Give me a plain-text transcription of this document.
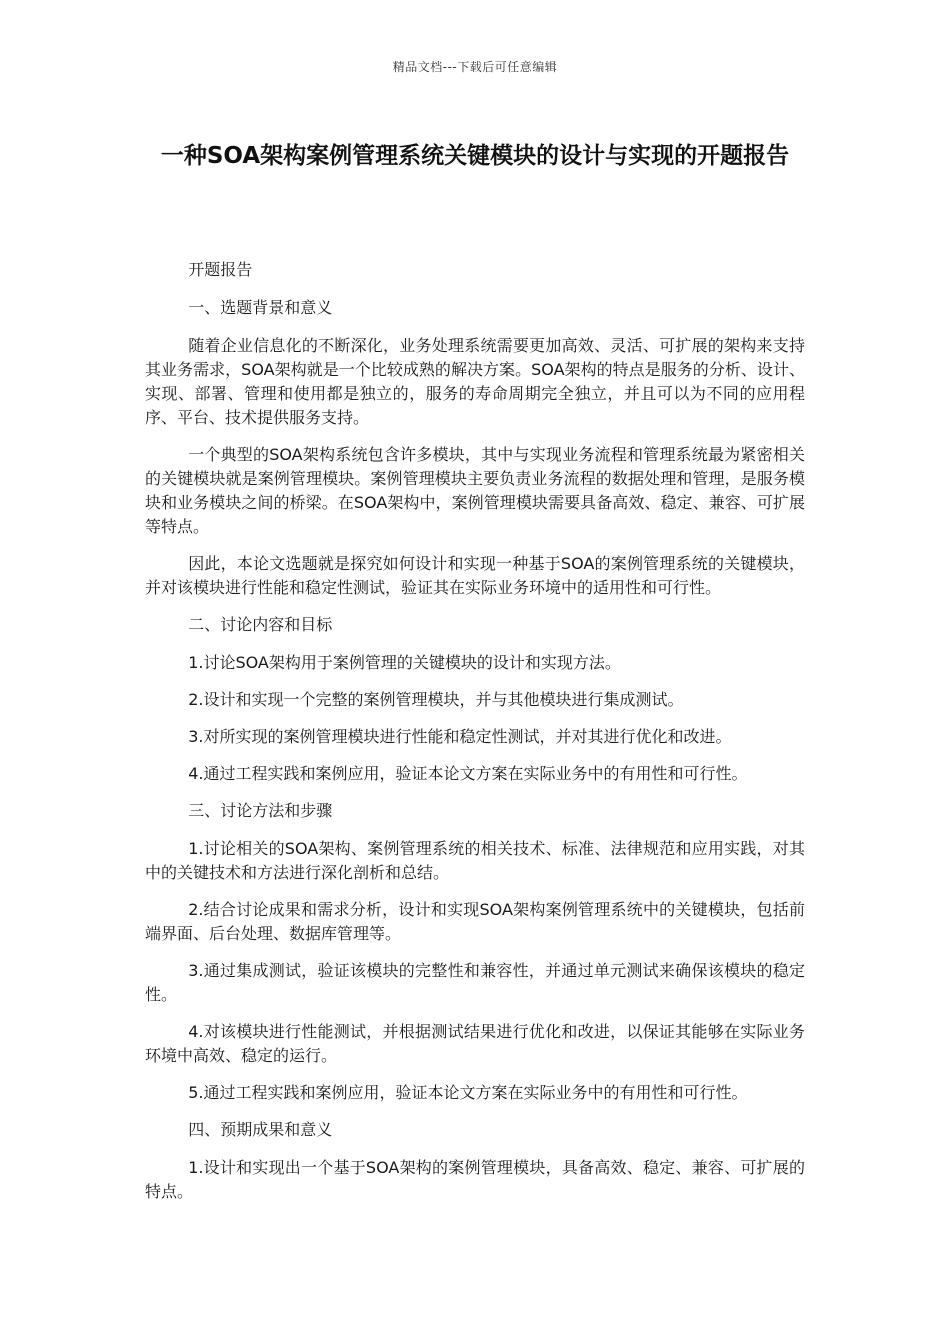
精品文档---下载后可任意编辑
一种SOA架构案例管理系统关键模块的设计与实现的开题报告

开题报告

一、选题背景和意义

随着企业信息化的不断深化，业务处理系统需要更加高效、灵活、可扩展的架构来支持其业务需求，SOA架构就是一个比较成熟的解决方案。SOA架构的特点是服务的分析、设计、实现、部署、管理和使用都是独立的，服务的寿命周期完全独立，并且可以为不同的应用程序、平台、技术提供服务支持。

一个典型的SOA架构系统包含许多模块，其中与实现业务流程和管理系统最为紧密相关的关键模块就是案例管理模块。案例管理模块主要负责业务流程的数据处理和管理，是服务模块和业务模块之间的桥梁。在SOA架构中，案例管理模块需要具备高效、稳定、兼容、可扩展等特点。

因此，本论文选题就是探究如何设计和实现一种基于SOA的案例管理系统的关键模块，并对该模块进行性能和稳定性测试，验证其在实际业务环境中的适用性和可行性。

二、讨论内容和目标

1.讨论SOA架构用于案例管理的关键模块的设计和实现方法。

2.设计和实现一个完整的案例管理模块，并与其他模块进行集成测试。

3.对所实现的案例管理模块进行性能和稳定性测试，并对其进行优化和改进。

4.通过工程实践和案例应用，验证本论文方案在实际业务中的有用性和可行性。

三、讨论方法和步骤

1.讨论相关的SOA架构、案例管理系统的相关技术、标准、法律规范和应用实践，对其中的关键技术和方法进行深化剖析和总结。

2.结合讨论成果和需求分析，设计和实现SOA架构案例管理系统中的关键模块，包括前端界面、后台处理、数据库管理等。

3.通过集成测试，验证该模块的完整性和兼容性，并通过单元测试来确保该模块的稳定性。

4.对该模块进行性能测试，并根据测试结果进行优化和改进，以保证其能够在实际业务环境中高效、稳定的运行。

5.通过工程实践和案例应用，验证本论文方案在实际业务中的有用性和可行性。

四、预期成果和意义

1.设计和实现出一个基于SOA架构的案例管理模块，具备高效、稳定、兼容、可扩展的特点。
